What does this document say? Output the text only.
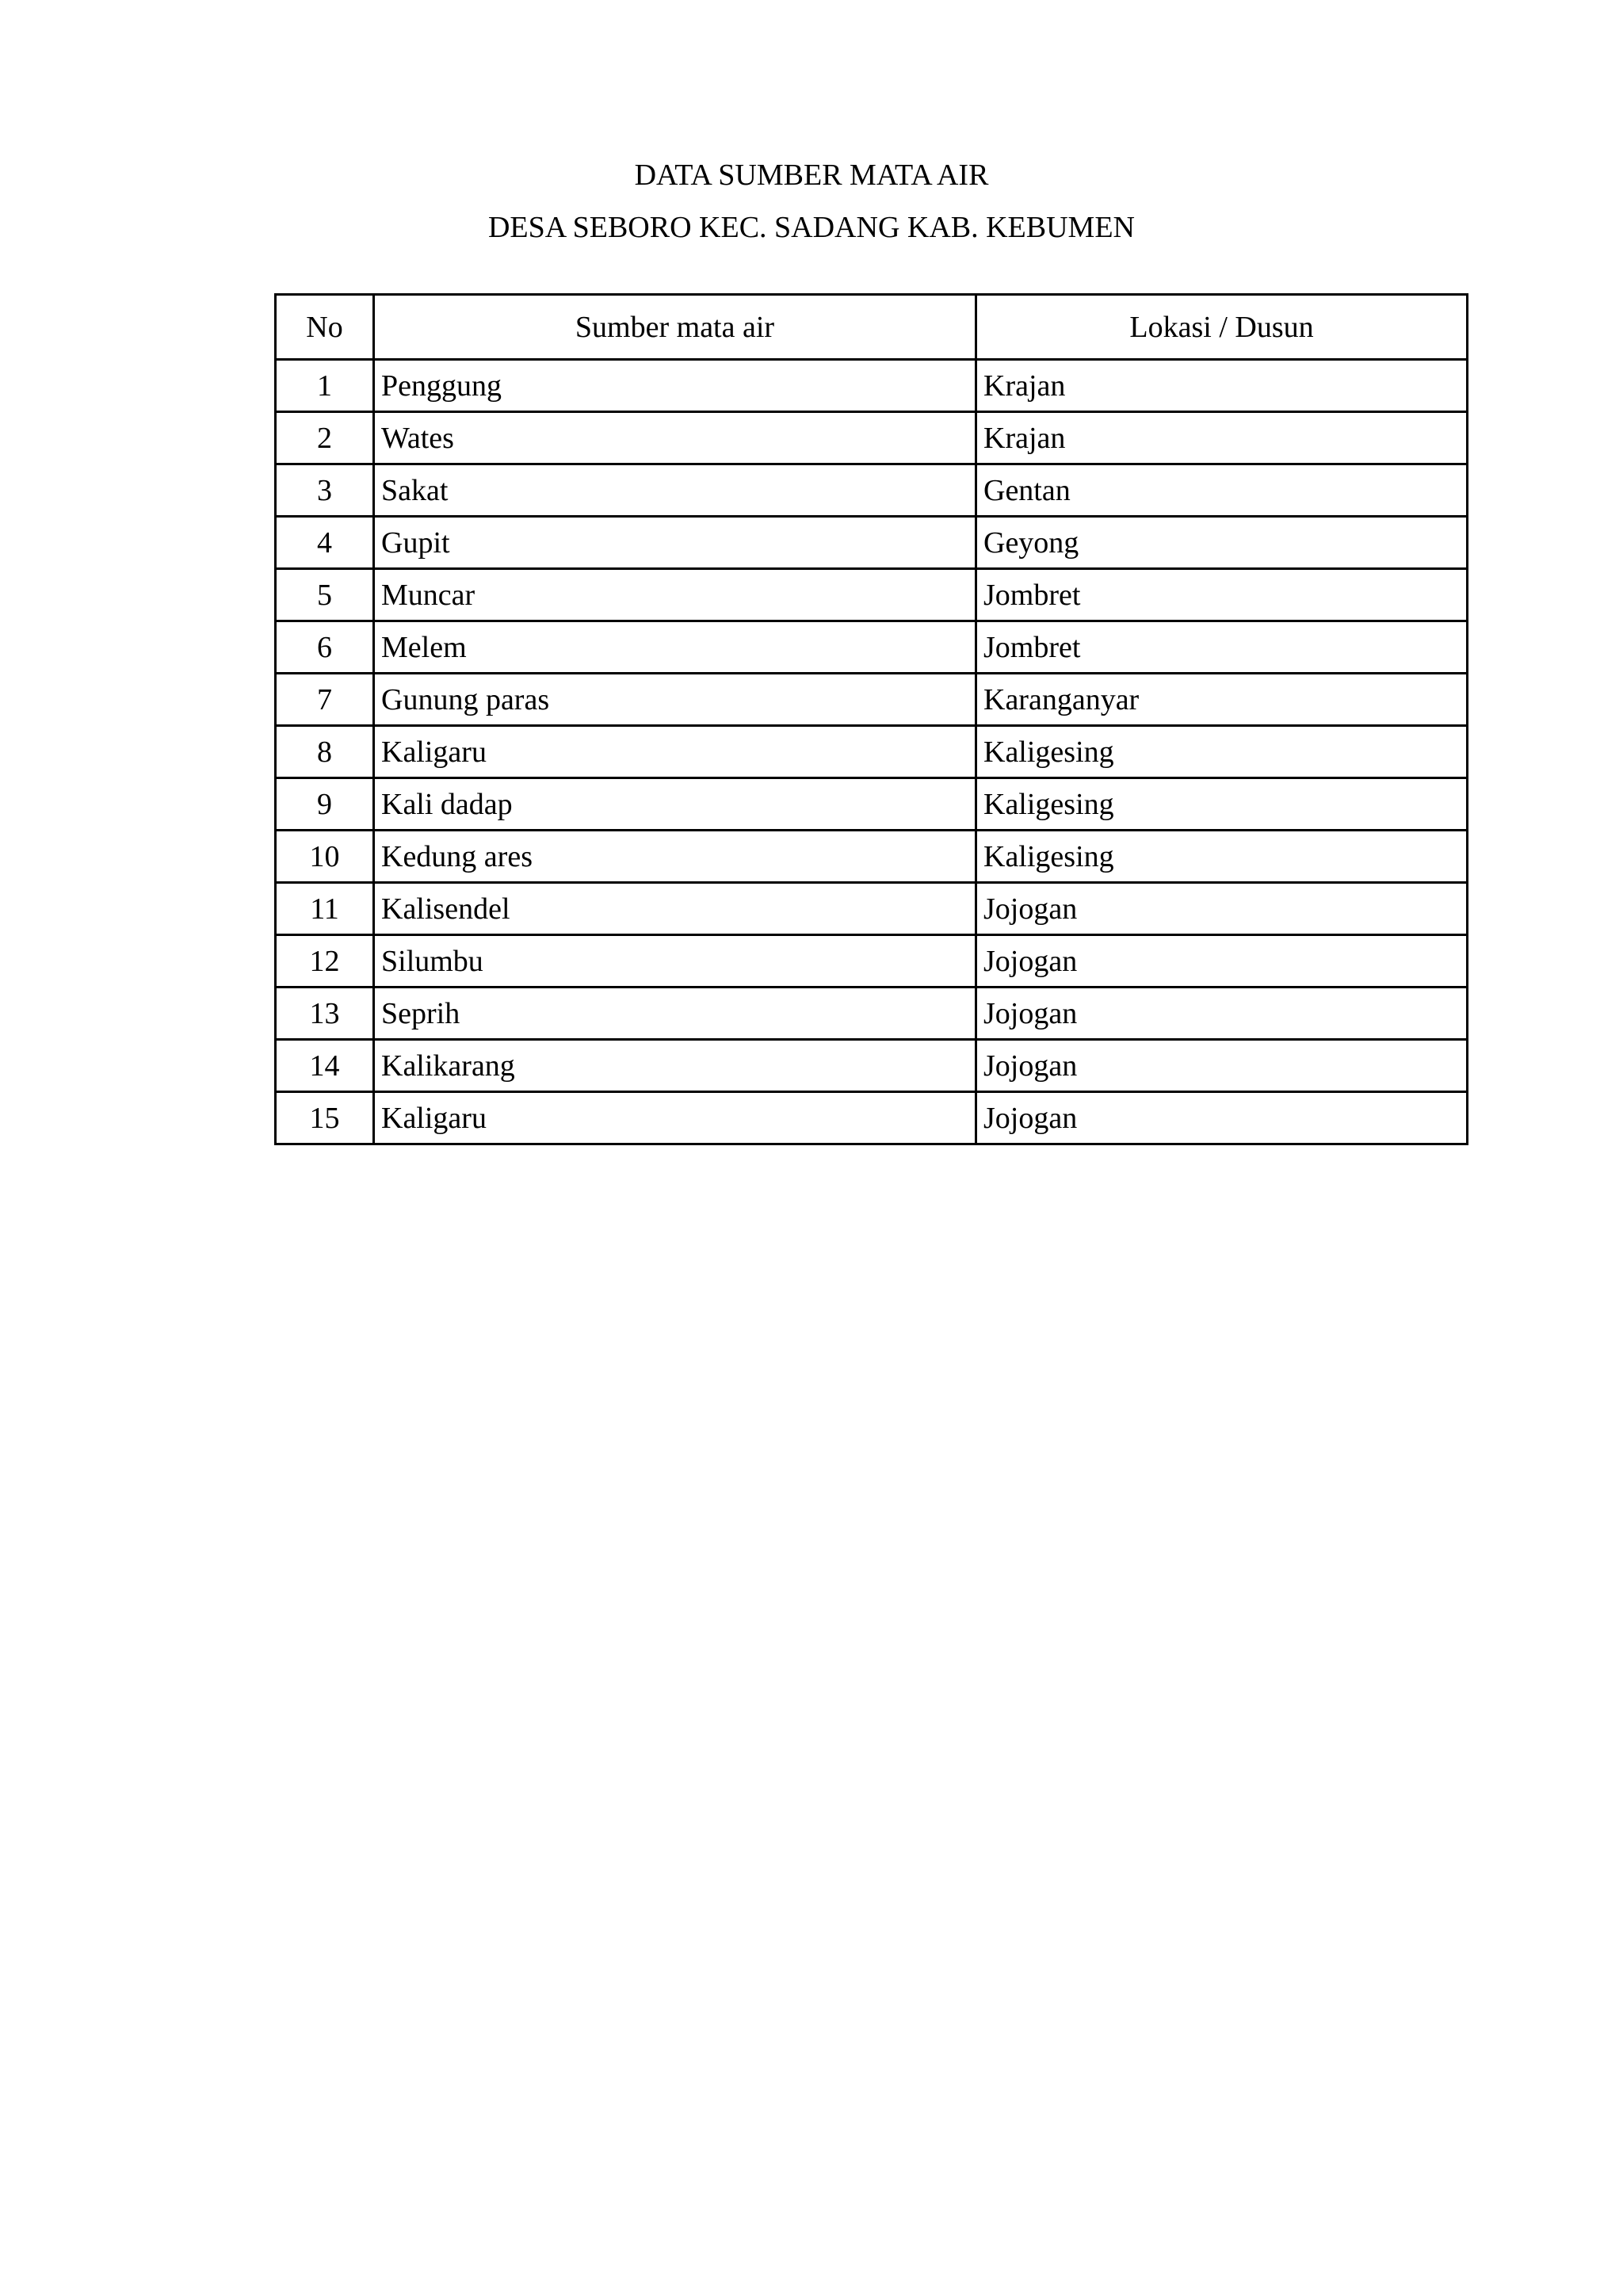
DATA SUMBER MATA AIR
DESA SEBORO KEC. SADANG KAB. KEBUMEN
No	Sumber mata air	Lokasi / Dusun
1	Penggung	Krajan
2	Wates	Krajan
3	Sakat	Gentan
4	Gupit	Geyong
5	Muncar	Jombret
6	Melem	Jombret
7	Gunung paras	Karanganyar
8	Kaligaru	Kaligesing
9	Kali dadap	Kaligesing
10	Kedung ares	Kaligesing
11	Kalisendel	Jojogan
12	Silumbu	Jojogan
13	Seprih	Jojogan
14	Kalikarang	Jojogan
15	Kaligaru	Jojogan
